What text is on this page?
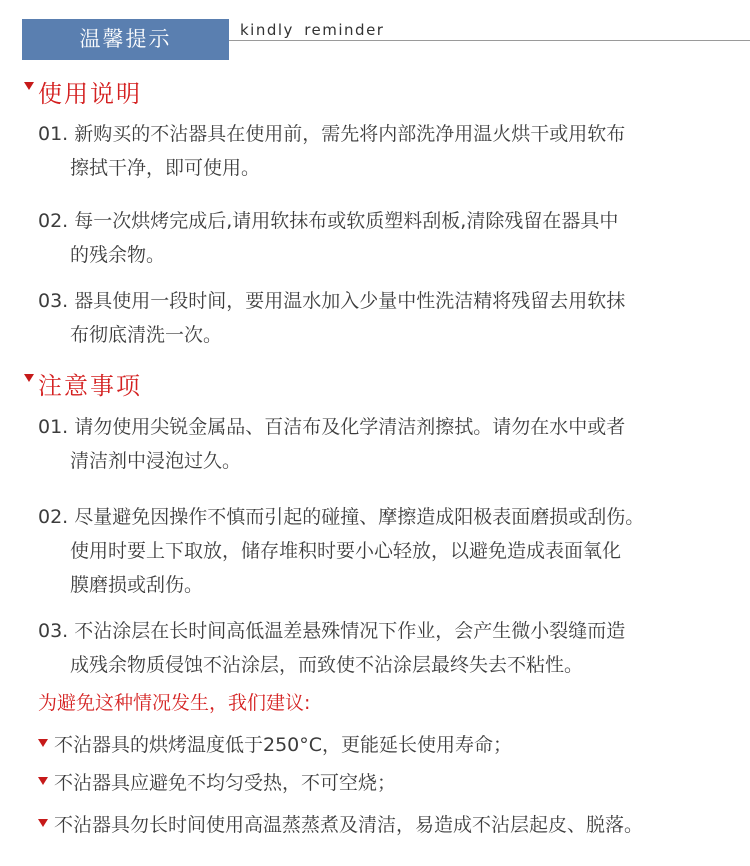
温馨提示	kindly reminder
使用说明
01. 新购买的不沾器具在使用前，需先将内部洗净用温火烘干或用软布
擦拭干净，即可使用。
02. 每一次烘烤完成后,请用软抹布或软质塑料刮板,清除残留在器具中
的残余物。
03. 器具使用一段时间，要用温水加入少量中性洗洁精将残留去用软抹
布彻底清洗一次。
注意事项
01. 请勿使用尖锐金属品、百洁布及化学清洁剂擦拭。请勿在水中或者
清洁剂中浸泡过久。
02. 尽量避免因操作不慎而引起的碰撞、摩擦造成阳极表面磨损或刮伤。
使用时要上下取放，储存堆积时要小心轻放，以避免造成表面氧化
膜磨损或刮伤。
03. 不沾涂层在长时间高低温差悬殊情况下作业，会产生微小裂缝而造
成残余物质侵蚀不沾涂层，而致使不沾涂层最终失去不粘性。
为避免这种情况发生，我们建议:
不沾器具的烘烤温度低于250°C，更能延长使用寿命；
不沾器具应避免不均匀受热，不可空烧；
不沾器具勿长时间使用高温蒸蒸煮及清洁，易造成不沾层起皮、脱落。
